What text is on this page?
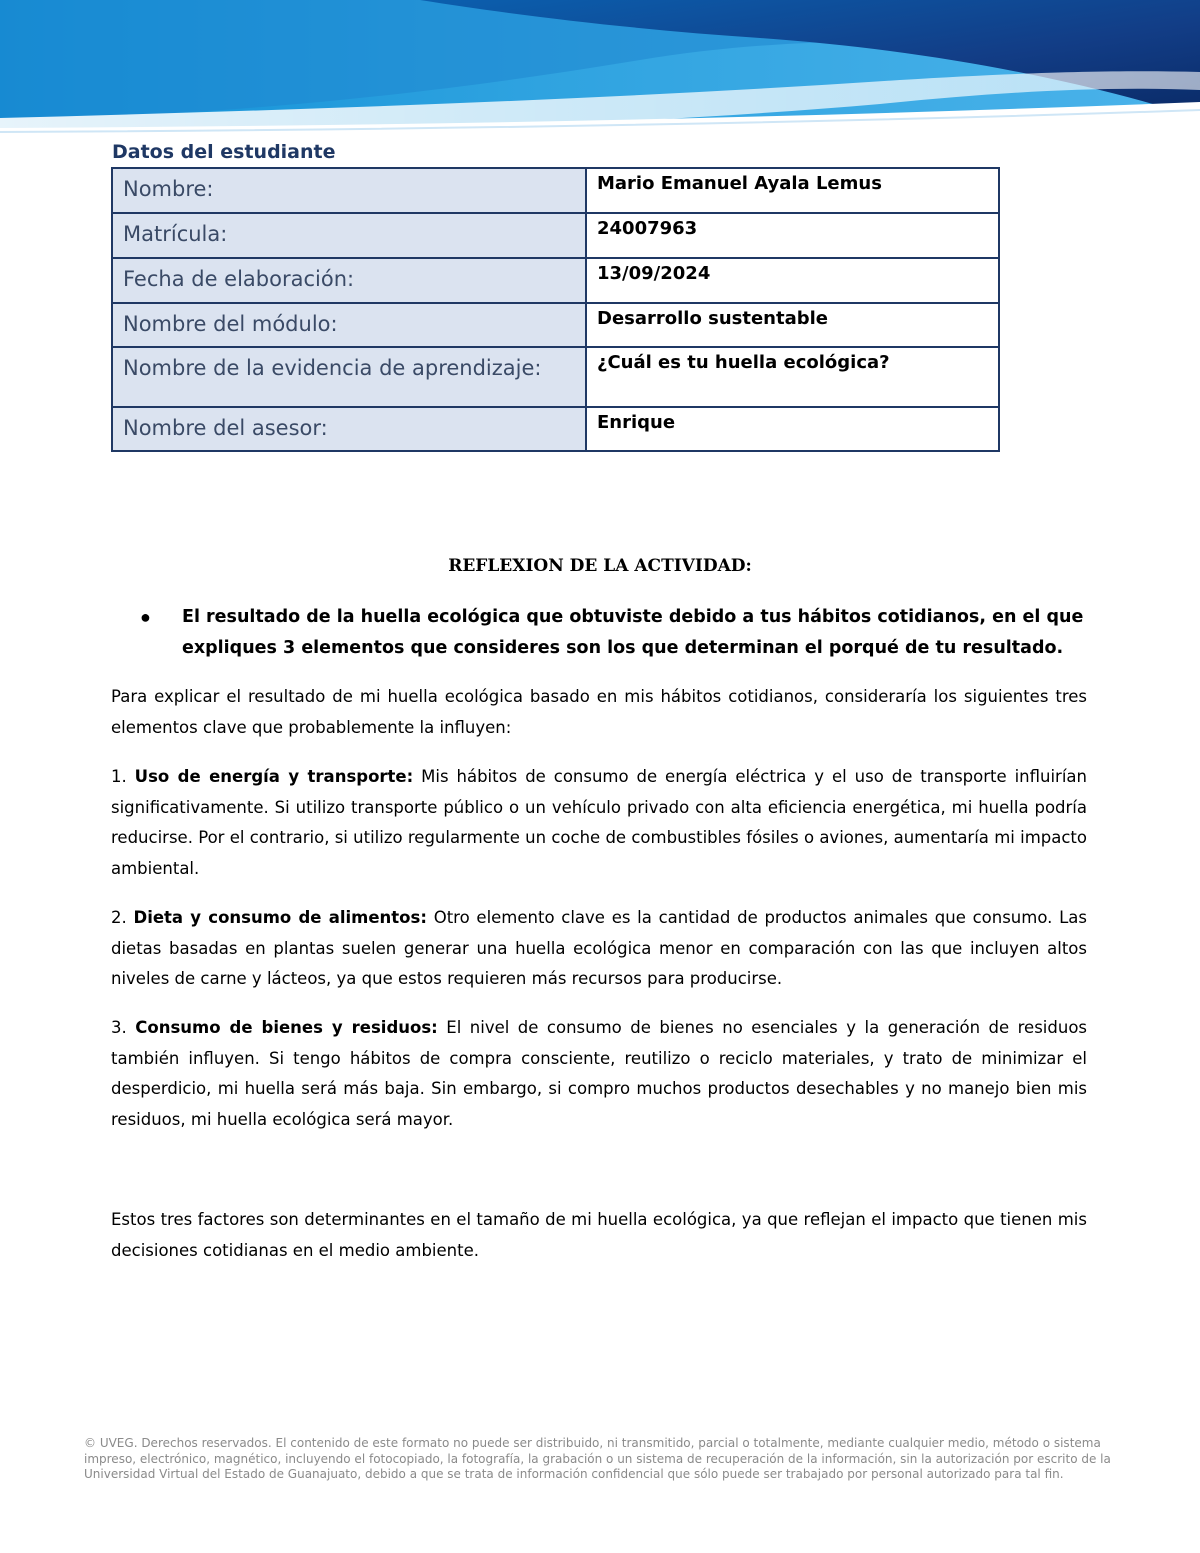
Datos del estudiante
Nombre:	Mario Emanuel Ayala Lemus
Matrícula:	24007963
Fecha de elaboración:	13/09/2024
Nombre del módulo:	Desarrollo sustentable
Nombre de la evidencia de aprendizaje:	¿Cuál es tu huella ecológica?
Nombre del asesor:	Enrique
REFLEXION DE LA ACTIVIDAD:
● El resultado de la huella ecológica que obtuviste debido a tus hábitos cotidianos, en el que expliques 3 elementos que consideres son los que determinan el porqué de tu resultado.
Para explicar el resultado de mi huella ecológica basado en mis hábitos cotidianos, consideraría los siguientes tres elementos clave que probablemente la influyen:
1. Uso de energía y transporte: Mis hábitos de consumo de energía eléctrica y el uso de transporte influirían significativamente. Si utilizo transporte público o un vehículo privado con alta eficiencia energética, mi huella podría reducirse. Por el contrario, si utilizo regularmente un coche de combustibles fósiles o aviones, aumentaría mi impacto ambiental.
2. Dieta y consumo de alimentos: Otro elemento clave es la cantidad de productos animales que consumo. Las dietas basadas en plantas suelen generar una huella ecológica menor en comparación con las que incluyen altos niveles de carne y lácteos, ya que estos requieren más recursos para producirse.
3. Consumo de bienes y residuos: El nivel de consumo de bienes no esenciales y la generación de residuos también influyen. Si tengo hábitos de compra consciente, reutilizo o reciclo materiales, y trato de minimizar el desperdicio, mi huella será más baja. Sin embargo, si compro muchos productos desechables y no manejo bien mis residuos, mi huella ecológica será mayor.
Estos tres factores son determinantes en el tamaño de mi huella ecológica, ya que reflejan el impacto que tienen mis decisiones cotidianas en el medio ambiente.
© UVEG. Derechos reservados. El contenido de este formato no puede ser distribuido, ni transmitido, parcial o totalmente, mediante cualquier medio, método o sistema impreso, electrónico, magnético, incluyendo el fotocopiado, la fotografía, la grabación o un sistema de recuperación de la información, sin la autorización por escrito de la Universidad Virtual del Estado de Guanajuato, debido a que se trata de información confidencial que sólo puede ser trabajado por personal autorizado para tal fin.
